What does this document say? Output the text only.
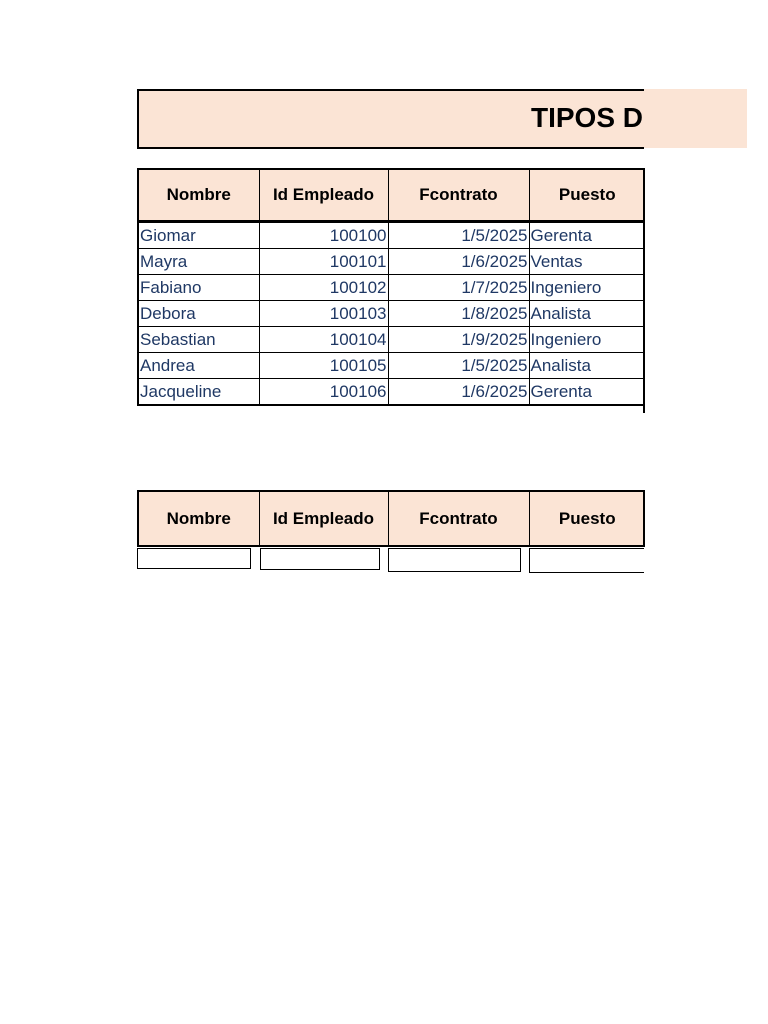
TIPOS D
Nombre	Id Empleado	Fcontrato	Puesto
Giomar	100100	1/5/2025	Gerenta
Mayra	100101	1/6/2025	Ventas
Fabiano	100102	1/7/2025	Ingeniero
Debora	100103	1/8/2025	Analista
Sebastian	100104	1/9/2025	Ingeniero
Andrea	100105	1/5/2025	Analista
Jacqueline	100106	1/6/2025	Gerenta
Nombre	Id Empleado	Fcontrato	Puesto
